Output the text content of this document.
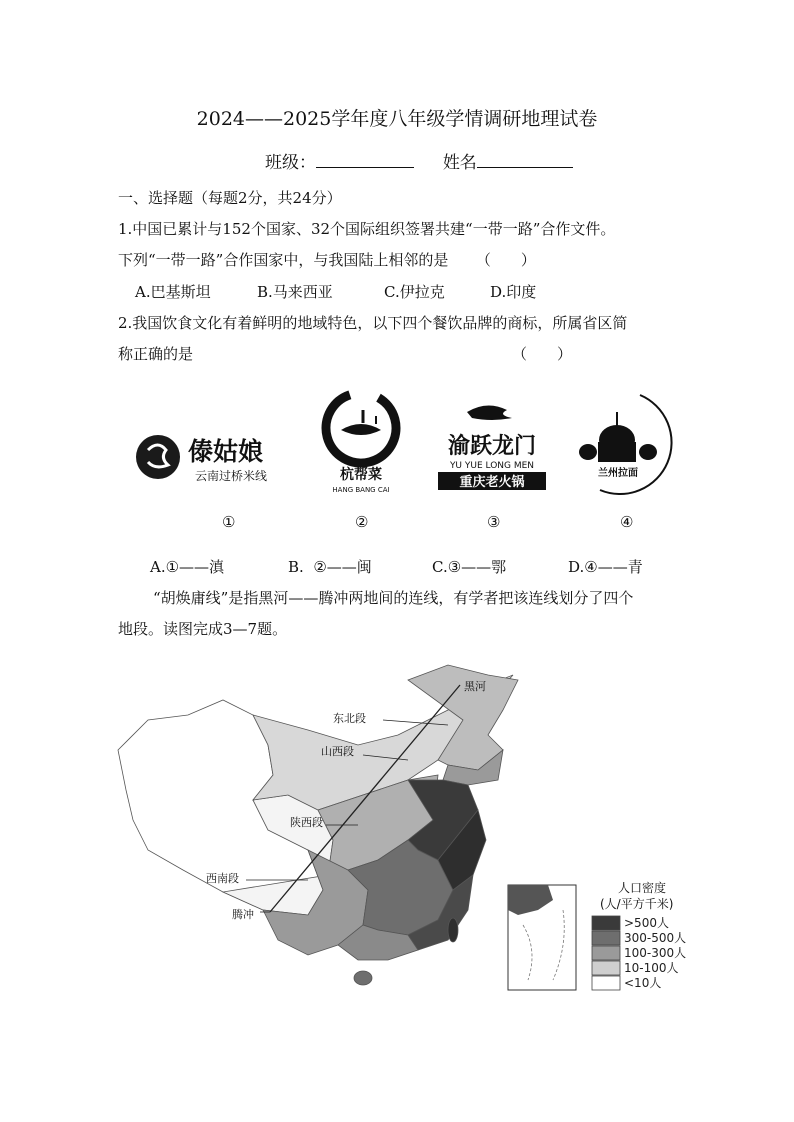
2024——2025学年度八年级学情调研地理试卷
班级：	姓名
一、选择题（每题2分，共24分）
1.中国已累计与152个国家、32个国际组织签署共建“一带一路”合作文件。
下列“一带一路”合作国家中，与我国陆上相邻的是 （　　）
A.巴基斯坦	B.马来西亚	C.伊拉克	D.印度
2.我国饮食文化有着鲜明的地域特色，以下四个餐饮品牌的商标，所属省区简
称正确的是	（　　）
傣姑娘
云南过桥米线	杭帮菜
HANG BANG CAI
渝跃龙门
YU YUE LONG MEN
重庆老火锅
兰州拉面
①	②	③	④
A.①——滇	B.  ②——闽	C.③——鄂	D.④——青
“胡焕庸线”是指黑河——腾冲两地间的连线，有学者把该连线划分了四个
地段。读图完成3—7题。
黑河
东北段
山西段
陕西段
西南段
腾冲
人口密度
(人/平方千米)
>500人
300-500人
100-300人
10-100人
<10人
